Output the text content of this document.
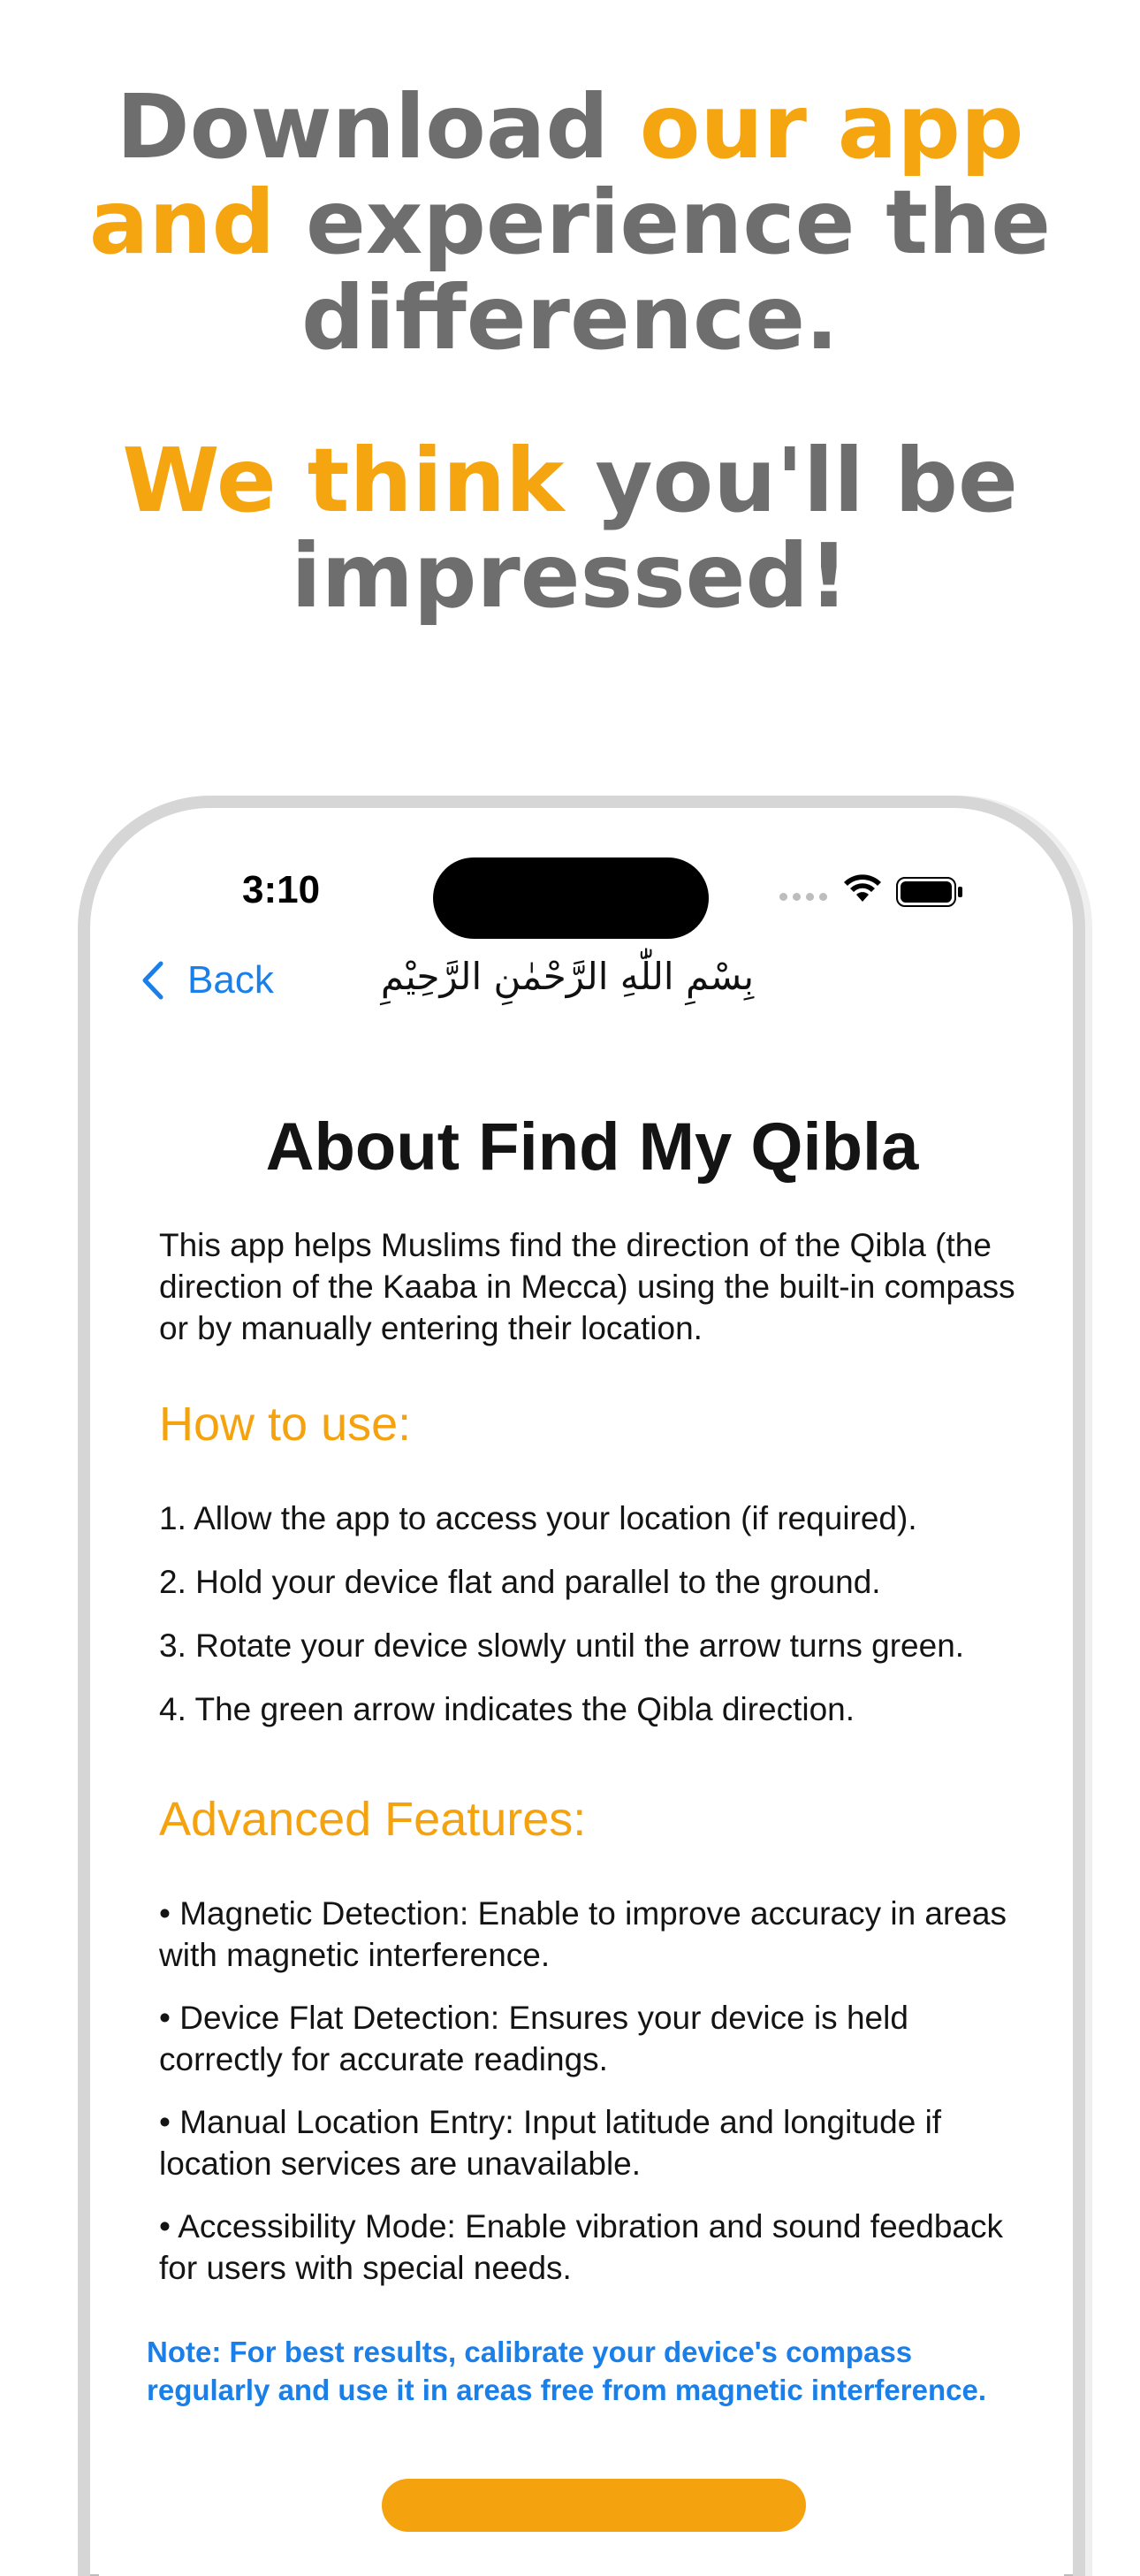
Download our app
and experience the difference.
We think you'll be impressed!
3:10
Back	بِسْمِ اللّٰهِ الرَّحْمٰنِ الرَّحِيْمِ
About Find My Qibla

This app helps Muslims find the direction of the Qibla (the direction of the Kaaba in Mecca) using the built-in compass or by manually entering their location.

How to use:
1. Allow the app to access your location (if required).
2. Hold your device flat and parallel to the ground.
3. Rotate your device slowly until the arrow turns green.
4. The green arrow indicates the Qibla direction.
Advanced Features:
• Magnetic Detection: Enable to improve accuracy in areas with magnetic interference.
• Device Flat Detection: Ensures your device is held correctly for accurate readings.
• Manual Location Entry: Input latitude and longitude if location services are unavailable.
• Accessibility Mode: Enable vibration and sound feedback for users with special needs.

Note: For best results, calibrate your device's compass regularly and use it in areas free from magnetic interference.
